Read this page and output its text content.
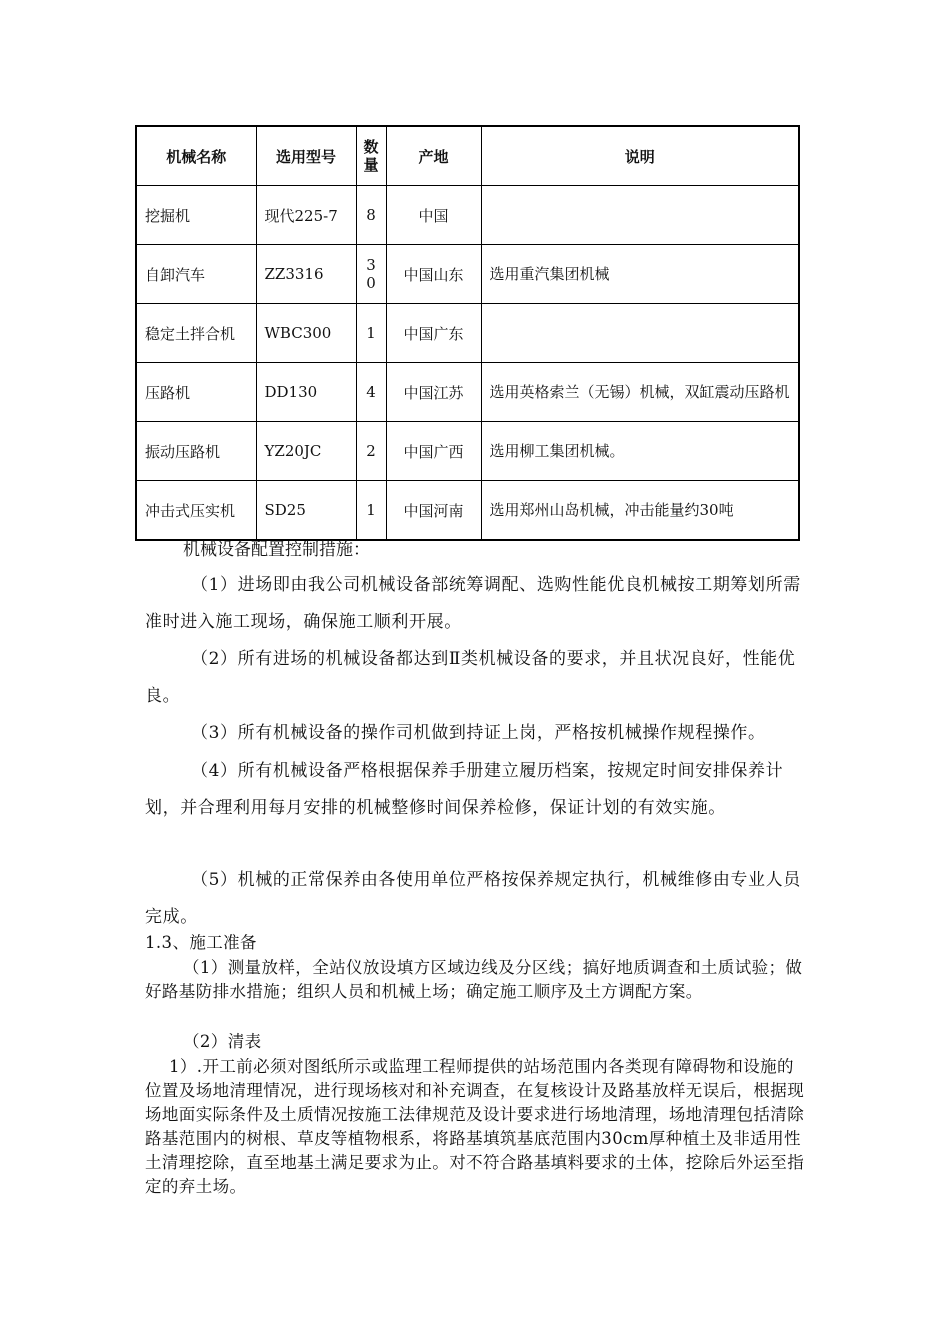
机械名称	选用型号	数量	产地	说明
挖掘机	现代225-7	8	中国	
自卸汽车	ZZ3316	30	中国山东	选用重汽集团机械
稳定土拌合机	WBC300	1	中国广东	
压路机	DD130	4	中国江苏	选用英格索兰（无锡）机械，双缸震动压路机
振动压路机	YZ20JC	2	中国广西	选用柳工集团机械。
冲击式压实机	SD25	1	中国河南	选用郑州山岛机械，冲击能量约30吨

机械设备配置控制措施：

（1）进场即由我公司机械设备部统筹调配、选购性能优良机械按工期筹划所需准时进入施工现场，确保施工顺利开展。

（2）所有进场的机械设备都达到Ⅱ类机械设备的要求，并且状况良好，性能优良。

（3）所有机械设备的操作司机做到持证上岗，严格按机械操作规程操作。

（4）所有机械设备严格根据保养手册建立履历档案，按规定时间安排保养计划，并合理利用每月安排的机械整修时间保养检修，保证计划的有效实施。

（5）机械的正常保养由各使用单位严格按保养规定执行，机械维修由专业人员完成。

1.3、施工准备

（1）测量放样，全站仪放设填方区域边线及分区线；搞好地质调查和土质试验；做好路基防排水措施；组织人员和机械上场；确定施工顺序及土方调配方案。

（2）清表

1）.开工前必须对图纸所示或监理工程师提供的站场范围内各类现有障碍物和设施的位置及场地清理情况，进行现场核对和补充调查，在复核设计及路基放样无误后，根据现场地面实际条件及土质情况按施工法律规范及设计要求进行场地清理，场地清理包括清除路基范围内的树根、草皮等植物根系，将路基填筑基底范围内30cm厚种植土及非适用性土清理挖除，直至地基土满足要求为止。对不符合路基填料要求的土体，挖除后外运至指定的弃土场。
